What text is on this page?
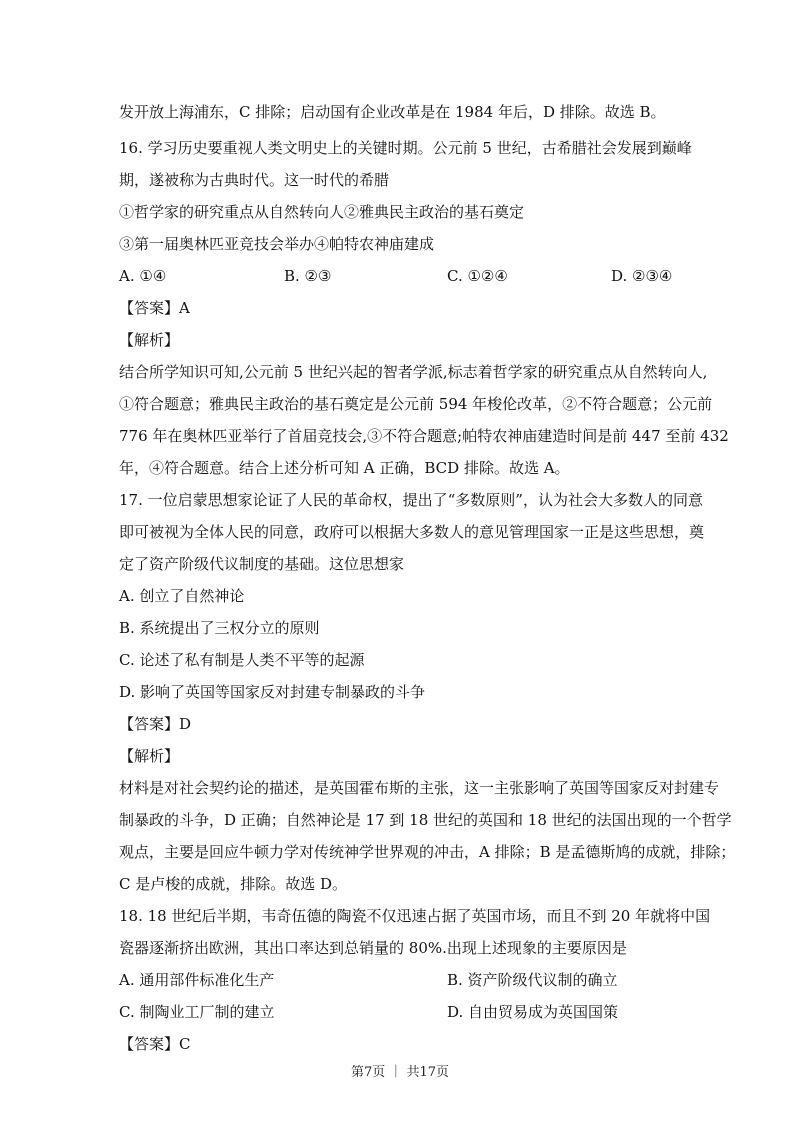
发开放上海浦东，C 排除；启动国有企业改革是在 1984 年后，D 排除。故选 B。
16. 学习历史要重视人类文明史上的关键时期。公元前 5 世纪，古希腊社会发展到巅峰
期，遂被称为古典时代。这一时代的希腊
①哲学家的研究重点从自然转向人②雅典民主政治的基石奠定
③第一届奥林匹亚竞技会举办④帕特农神庙建成
A. ①④	B. ②③	C. ①②④	D. ②③④
【答案】A
【解析】
结合所学知识可知,公元前 5 世纪兴起的智者学派,标志着哲学家的研究重点从自然转向人,
①符合题意；雅典民主政治的基石奠定是公元前 594 年梭伦改革，②不符合题意；公元前
776 年在奥林匹亚举行了首届竞技会,③不符合题意;帕特农神庙建造时间是前 447 至前 432
年，④符合题意。结合上述分析可知 A 正确，BCD 排除。故选 A。
17. 一位启蒙思想家论证了人民的革命权，提出了“多数原则”，认为社会大多数人的同意
即可被视为全体人民的同意，政府可以根据大多数人的意见管理国家一正是这些思想，奠
定了资产阶级代议制度的基础。这位思想家
A. 创立了自然神论
B. 系统提出了三权分立的原则
C. 论述了私有制是人类不平等的起源
D. 影响了英国等国家反对封建专制暴政的斗争
【答案】D
【解析】
材料是对社会契约论的描述，是英国霍布斯的主张，这一主张影响了英国等国家反对封建专
制暴政的斗争，D 正确；自然神论是 17 到 18 世纪的英国和 18 世纪的法国出现的一个哲学
观点，主要是回应牛顿力学对传统神学世界观的冲击，A 排除；B 是孟德斯鸠的成就，排除；
C 是卢梭的成就，排除。故选 D。
18. 18 世纪后半期，韦奇伍德的陶瓷不仅迅速占据了英国市场，而且不到 20 年就将中国
瓷器逐渐挤出欧洲，其出口率达到总销量的 80%.出现上述现象的主要原因是
A. 通用部件标准化生产	B. 资产阶级代议制的确立
C. 制陶业工厂制的建立	D. 自由贸易成为英国国策
【答案】C
第7页 ｜ 共17页
